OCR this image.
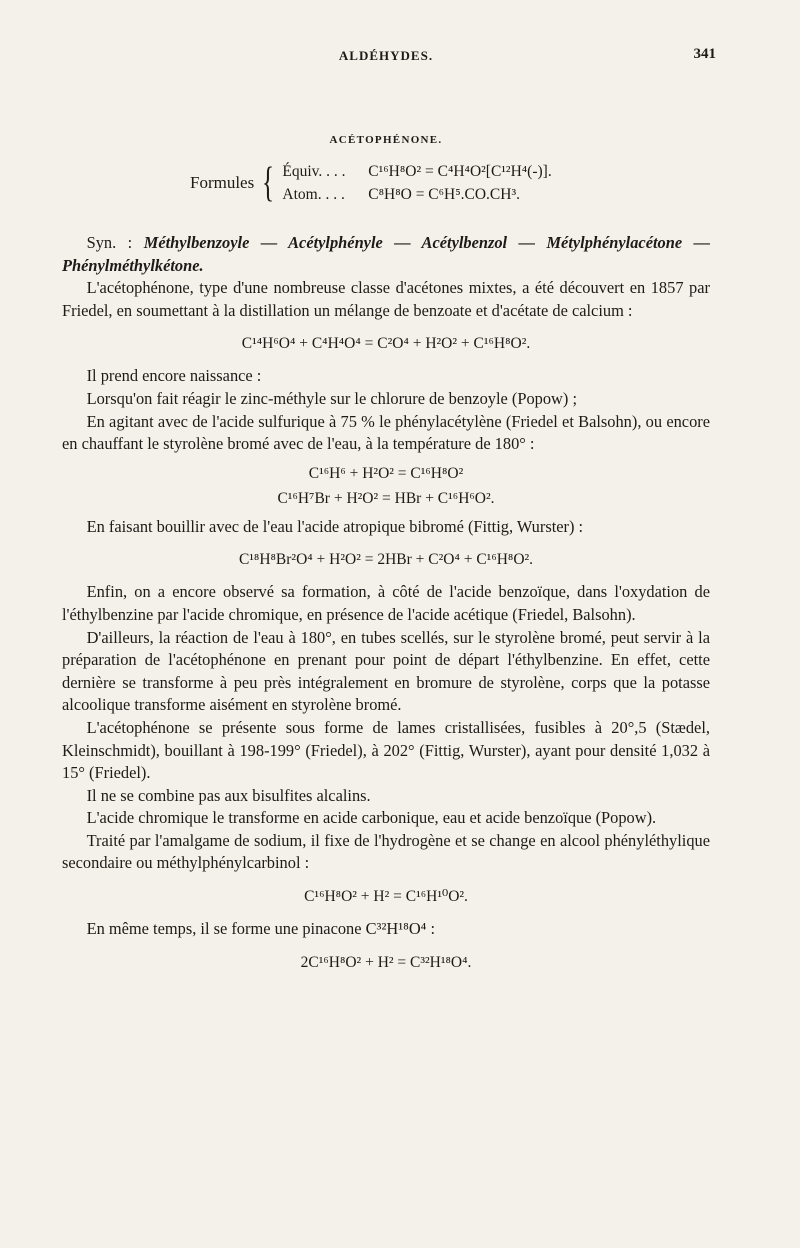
ALDÉHYDES.	341
ACÉTOPHÉNONE.
Formules { Équiv. . . . C¹⁶H⁸O² = C⁴H⁴O²[C¹²H⁴(-)].
Atom. . . . C⁸H⁸O = C⁶H⁵.CO.CH³.

Syn. : Méthylbenzoyle — Acétylphényle — Acétylbenzol — Métylphénylacétone — Phénylméthylkétone.

L'acétophénone, type d'une nombreuse classe d'acétones mixtes, a été découvert en 1857 par Friedel, en soumettant à la distillation un mélange de benzoate et d'acétate de calcium :

C¹⁴H⁶O⁴ + C⁴H⁴O⁴ = C²O⁴ + H²O² + C¹⁶H⁸O².

Il prend encore naissance :

Lorsqu'on fait réagir le zinc-méthyle sur le chlorure de benzoyle (Popow) ;

En agitant avec de l'acide sulfurique à 75 % le phénylacétylène (Friedel et Balsohn), ou encore en chauffant le styrolène bromé avec de l'eau, à la température de 180° :

C¹⁶H⁶ + H²O² = C¹⁶H⁸O²
C¹⁶H⁷Br + H²O² = HBr + C¹⁶H⁶O².

En faisant bouillir avec de l'eau l'acide atropique bibromé (Fittig, Wurster) :

C¹⁸H⁸Br²O⁴ + H²O² = 2HBr + C²O⁴ + C¹⁶H⁸O².

Enfin, on a encore observé sa formation, à côté de l'acide benzoïque, dans l'oxydation de l'éthylbenzine par l'acide chromique, en présence de l'acide acétique (Friedel, Balsohn).

D'ailleurs, la réaction de l'eau à 180°, en tubes scellés, sur le styrolène bromé, peut servir à la préparation de l'acétophénone en prenant pour point de départ l'éthylbenzine. En effet, cette dernière se transforme à peu près intégralement en bromure de styrolène, corps que la potasse alcoolique transforme aisément en styrolène bromé.

L'acétophénone se présente sous forme de lames cristallisées, fusibles à 20°,5 (Stædel, Kleinschmidt), bouillant à 198-199° (Friedel), à 202° (Fittig, Wurster), ayant pour densité 1,032 à 15° (Friedel).

Il ne se combine pas aux bisulfites alcalins.

L'acide chromique le transforme en acide carbonique, eau et acide benzoïque (Popow).

Traité par l'amalgame de sodium, il fixe de l'hydrogène et se change en alcool phényléthylique secondaire ou méthylphénylcarbinol :

C¹⁶H⁸O² + H² = C¹⁶H¹⁰O².

En même temps, il se forme une pinacone C³²H¹⁸O⁴ :

2C¹⁶H⁸O² + H² = C³²H¹⁸O⁴.
